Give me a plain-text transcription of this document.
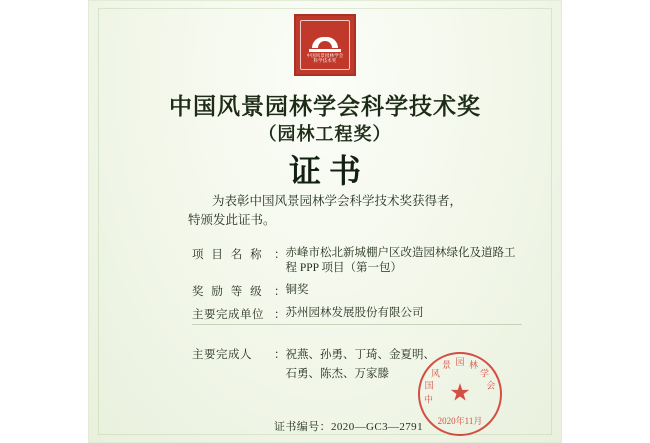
中国风景园林学会
科学技术奖
中国风景园林学会科学技术奖
（园林工程奖）
证书
为表彰中国风景园林学会科学技术奖获得者，
特颁发此证书。
项 目 名 称 ： 赤峰市松北新城棚户区改造园林绿化及道路工
程 PPP 项目（第一包）
奖 励 等 级 ： 铜奖
主要完成单位 ： 苏州园林发展股份有限公司
主要完成人	： 祝燕、孙勇、丁琦、金夏明、
石勇、陈杰、万家滕
中
国
风
景 园 林
学
会
★
2020年11月
证书编号：2020—GC3—2791
